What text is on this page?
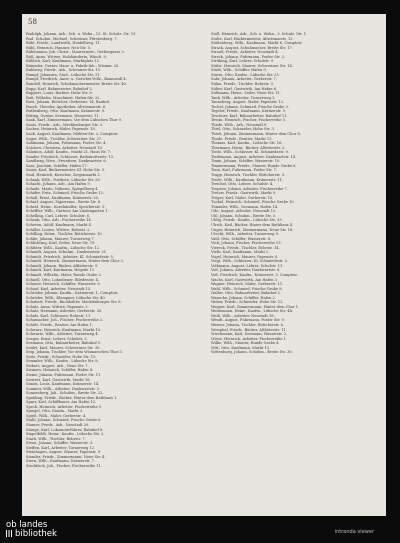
58

Rudolph, Johann, Arb., Sch. u. Wohn., 15, St. Schulz. Str. 19.

Rud. Schuhm. Michael, Schreiner, Fürstenberg. 7.

Rühl, Friedr., Landwirth, Heidelberg. 11.

Rühl, Heinrich, Hausier, Neu-Str. 5.

Rühlemann, Joh. Christ., Maurermstr., Gerbergasse 3.

Rüß, Anna, Wittwe, Holzhänderin, Wäsch. 9.

Rühlich, Karl, Kaufmann, Marktplatz 12.

Rümmler, Gustav, Haus- u. Fabrik-Inh., Wismar. 20.

Ruhberg, Friedr., Arb., Scheunen-Str. 15.

Rumpf, Johannes, Stud., Lübsche Str. 31.

Rumpf, Friedrich, Amts- u. Gerichts-Vollz., Baumwall 4.

Rundell, Heinrich, Schuhmachermeister, Breite Str. 40.

Rupp, Karl, Bahnmeister, Bahnhof 2.

Ruppert, Louis, Barbier, Hohe Str. 8.

Ruß, Wilhelm, Maschinist, Hafen-Str. 22.

Rust, Johann, Böttcher, Gerberstr. 14, Bauhof.

Rusch, Theodor, Apotheker, Altwismarstr. 6.

Ruthenberg, Otto, Kaufmann, Krämerstr. 5.

Rüting, Gustav, Seemann, Wasserstr. 11.

Saak, Karl, Zimmermann, Vor dem Lübschen Thor 9.

Saatz, Friedr., Arb., Mecklenburger Str. 3.

Sachse, Heinrich, Maler, Papenstr. 18.

Sack, August, Kaufmann, Mühlen-Str. 2, Comptoir.

Sager, Wilh., Tischler, Schweriner Str. 27.

Sahlmann, Johann, Fuhrmann, Poeler Str. 4.

Salchow, Christian, Arbeiter, Neustadt 10.

Salomon, Adolf, Kaufm., Markt 21, Haus Nr. 7.

Sander, Friedrich, Schlosser, Bademutterstr. 13.

Sandberg, Wwe., Privatiere, Dankwartstr. 6.

Sass, Joachim, Schiffer, Hafen 17.

Sauer, Karl, Bäckermeister, Kl. Hohe Str. 3.

Saul, Heinrich, Kutscher, Ziegenmarkt 2.

Schaak, Wilh., Postbote, Lübsche Str. 55.

Schacht, Johann, Arb., Am Hafen 9.

Schade, Marie, Näherin, Spiegelberg 4.

Schäfer, Fritz, Schmied, Frische Grube 12.

Schall, Ernst, Kaufmann, Krämerstr. 20.

Scharf, August, Zigarrenm., Breite Str. 8.

Scheel, Heinr., Kornhändler, Speicherstr. 3.

Scheffler, Wilh., Gärtner, Am Lindengarten 1.

Schelling, Carl, Lehrer, Schulstr. 6.

Schenk, Otto, Arb., Fischerreihe 14.

Scheven, Adolf, Kaufmann, Markt 4.

Schiller, Louise, Wittwe, Bohrstr. 2.

Schilling, Heinr., Tischler, Böttcherstr. 10.

Schlie, Johann, Maurer, Turnerweg 7.

Schlichting, Karl, Seiler, Neue Str. 19.

Schlüter, Wilh., Kaufm., Lübsche Str. 12.

Schmidt, August, Schuhm., Dankwartstr. 21.

Schmidt, Friedrich, Arbeiter, Kl. Schmiedestr. 5.

Schmidt, Heinrich, Zimmermann, Hinter dem Chor 3.

Schmidt, Johann, Bäcker, Altböterstr. 9.

Schmidt, Karl, Kaufmann, Hegede 11.

Schmidt, Wilhelm, Maler, Runde Grube 2.

Schnell, Otto, Lohndiener, Bliedenstr. 4.

Schnoor, Heinrich, Schiffer, Wasserstr. 6.

Schoof, Karl, Arbeiter, Neustadt 15.

Schröder, Johann, Kaufm., Krämerstr. 1, Comptoir.

Schröder, Wilh., Klempner, Lübsche Str. 40.

Schubert, Friedr., Buchhalter, Mecklenburger Str. 8.

Schulz, Anna, Wittwe, Papenstr. 3.

Schulz, Hermann, Arbeiter, Gerberstr. 20.

Schulz, Karl, Schlosser, Bohrstr. 11.

Schumacher, Joh., Fischer, Fischerreihe 2.

Schütt, Friedr., Rentier, Am Hafen 1.

Schwarz, Heinrich, Kaufmann, Markt 10.

Schwartz, Wilh., Arbeiter, Turnerweg 4.

Seeger, Ernst, Lehrer, Schulstr. 2.

Seemann, Otto, Bahnarbeiter, Bahnhof 5.

Seidel, Karl, Maurer, Schweriner Str. 30.

Seip, Johann, Tischler, Vor dem Wismarschen Thor 3.

Seitz, Friedr., Schneider, Hohe Str. 15.

Semmler, Wilh., Kaufm., Lübsche Str. 8.

Siebert, August, Arb., Neue Str. 7.

Siemers, Heinrich, Schiffer, Hafen 4.

Siems, Johann, Fuhrmann, Poeler Str. 11.

Siewert, Karl, Gastwirth, Markt 18.

Simon, Louis, Kaufmann, Krämerstr. 14.

Sommer, Wilh., Arbeiter, Dankwartstr. 2.

Sonnenberg, Joh., Schuhm., Breite Str. 22.

Spalding, Friedr., Bäcker, Hinter dem Rathhaus 1.

Sparr, Karl, Schiffbauer, Am Hafen 12.

Speck, Heinrich, Arbeiter, Fischerreihe 9.

Spiegel, Otto, Kaufm., Markt 3.

Spieß, Wilh., Maler, Gerberstr. 4.

Stahl, Johann, Schmied, Frische Grube 6.

Stamer, Friedr., Arb., Neustadt 20.

Stange, Karl, Lokomotivführer, Bahnhof 8.

Stapelfeldt, Heinr., Kaufm., Lübsche Str. 2.

Stark, Wilh., Tischler, Bohrstr. 7.

Steen, Johann, Schiffer, Wasserstr. 3.

Steffen, Karl, Arbeiter, Turnerweg 12.

Steinhagen, August, Maurer, Papenstr. 9.

Stender, Friedr., Zimmermann, Neue Str. 4.

Stern, Wilh., Kaufmann, Krämerstr. 7.

Stockfisch, Joh., Fischer, Fischerreihe 11.

Stoll, Heinrich, Arb., Sch. u. Wohn., 3. Schulz. Str. 1.

Stolte, Karl, Bäckermeister, Altwismarstr. 12.

Stoltenberg, Wilh., Kaufmann, Markt 6, Comptoir.

Strack, August, Schuhmacher, Breite Str. 17.

Strauß, Friedr., Arbeiter, Neustadt 4.

Streck, Johann, Fuhrmann, Poeler Str. 2.

Strübing, Karl, Lehrer, Schulstr. 9.

Stübe, Heinrich, Maurer, Schweriner Str. 14.

Studt, Wilh., Schiffer, Hafen 9.

Sturm, Otto, Kaufm., Lübsche Str. 25.

Suhr, Johann, Arbeiter, Gerberstr. 7.

Sülau, Friedr., Tischler, Bohrstr. 3.

Sülter, Karl, Gastwirth, Am Hafen 6.

Sültmann, Heinr., Seiler, Neue Str. 11.

Tank, Wilh., Arbeiter, Turnerweg 1.

Tanneberg, August, Maler, Papenstr. 12.

Techel, Johann, Schmied, Frische Grube 3.

Tegeler, Friedr., Kaufmann, Krämerstr. 9.

Teschner, Karl, Bahnarbeiter, Bahnhof 11.

Tessin, Heinrich, Fischer, Fischerreihe 5.

Thede, Wilh., Arb., Neustadt 8.

Thiel, Otto, Schneider, Hohe Str. 3.

Thieß, Johann, Zimmermann, Hinter dem Chor 8.

Thode, Friedr., Rentier, Markt 15.

Thomas, Karl, Kaufm., Lübsche Str. 16.

Thormann, Heinr., Bäcker, Altböterstr. 2.

Tiede, Wilh., Schlosser, Kl. Schmiedestr. 9.

Tiedemann, August, Arbeiter, Dankwartstr. 14.

Timm, Johann, Schiffer, Wasserstr. 10.

Timmermann, Friedr., Maurer, Runde Grube 6.

Tonn, Karl, Fuhrmann, Poeler Str. 7.

Trapp, Heinrich, Tischler, Böttcherstr. 3.

Trede, Wilh., Kaufmann, Krämerstr. 11.

Treichel, Otto, Lehrer, Schulstr. 4.

Treptow, Johann, Arbeiter, Fischerreihe 7.

Tretow, Friedr., Gastwirth, Markt 9.

Tröger, Karl, Maler, Gerberstr. 15.

Tuchel, Heinrich, Schmied, Frische Grube 10.

Tümmler, Wilh., Seemann, Hafen 14.

Ude, August, Arbeiter, Neustadt 12.

Uhl, Johann, Schuhm., Breite Str. 5.

Uhlig, Friedr., Kaufm., Lübsche Str. 33.

Ulrich, Karl, Bäcker, Hinter dem Rathhaus 4.

Unger, Heinrich, Zimmermann, Neue Str. 16.

Utecht, Wilh., Arbeiter, Turnerweg 9.

Vahl, Otto, Schiffer, Wasserstr. 8.

Vick, Johann, Fischer, Fischerreihe 13.

Viereck, Friedr., Tischler, Bohrstr. 14.

Vieth, Karl, Kaufmann, Markt 2.

Vogel, Heinrich, Maurer, Papenstr. 6.

Voigt, Wilh., Schlosser, Kl. Schmiedestr. 2.

Volkmann, August, Lehrer, Schulstr. 11.

Voß, Johann, Arbeiter, Dankwartstr. 8.

Voß, Friedrich, Kaufm., Krämerstr. 3, Comptoir.

Wachs, Karl, Gastwirth, Am Hafen 3.

Wagner, Heinrich, Maler, Gerberstr. 11.

Wahl, Wilh., Schmied, Frische Grube 8.

Walter, Otto, Bahnarbeiter, Bahnhof 3.

Warncke, Johann, Schiffer, Hafen 2.

Weber, Friedr., Schneider, Hohe Str. 12.

Wegner, Karl, Zimmermann, Hinter dem Chor 1.

Weidemann, Heinr., Kaufm., Lübsche Str. 44.

Weiß, Wilh., Arbeiter, Neustadt 18.

Wendt, August, Fuhrmann, Poeler Str. 9.

Werner, Johann, Tischler, Böttcherstr. 6.

Westphal, Friedr., Bäcker, Altböterstr. 11.

Wiechmann, Karl, Seemann, Wasserstr. 2.

Wiese, Heinrich, Arbeiter, Fischerreihe 1.

Wilke, Wilh., Maurer, Runde Grube 4.

Witt, Otto, Kaufmann, Markt 13.

Wittenburg, Johann, Schuhm., Breite Str. 30.

ob landes
bibliothek	intranda viewer
